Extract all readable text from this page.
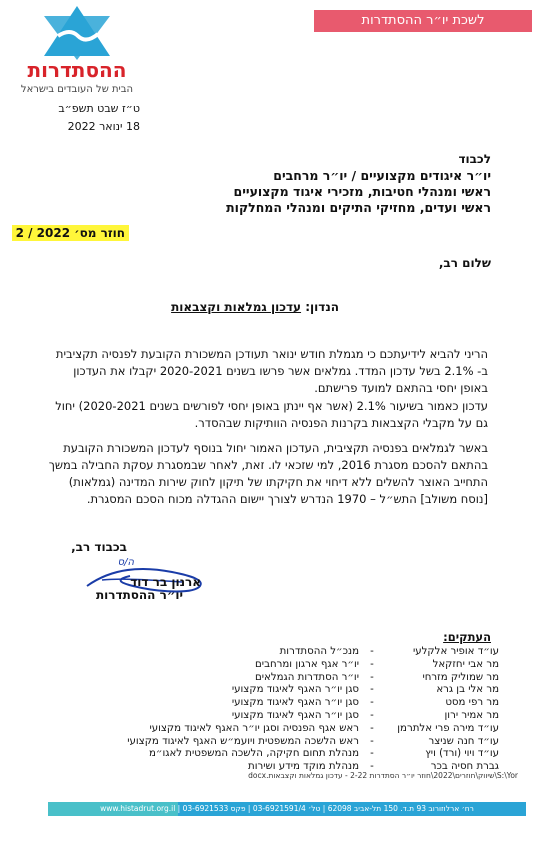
לשכת יו״ר ההסתדרות
ההסתדרות
הבית של העובדים בישראל
ט״ז שבט תשפ״ב
18 ינואר 2022
לכבוד
יו״ר איגודים מקצועיים / יו״ר מרחבים
ראשי ומנהלי חטיבות, מזכירי איגוד מקצועיים
ראשי ועדים, מחזיקי התיקים ומנהלי המחלקות
חוזר מס׳ 2022 / 2
שלום רב,
הנדון: עדכון גמלאות וקצבאות
הריני להביא לידיעתכם כי מגמלת חודש ינואר תעודכן המשכורת הקובעת לפנסיה תקציבית ב- 2.1% בשל עדכון המדד. גמלאים אשר פרשו בשנים 2020-2021 יקבלו את העדכון באופן יחסי בהתאם למועד פרישתם.
עדכון כאמור בשיעור 2.1% (אשר אף יינתן באופן יחסי לפורשים בשנים 2020-2021) יחול גם על מקבלי הקצבאות בקרנות הפנסיה הוותיקות שבהסדר.
באשר לגמלאים בפנסיה תקציבית, העדכון האמור יחול בנוסף לעדכון המשכורת הקובעת בהתאם להסכם מסגרת 2016, למי שזכאי לו. זאת, לאחר שבמסגרת עסקת החבילה במשך התחייב האוצר להשלים ללא דיחוי את חקיקתו של תיקון לחוק שירות המדינה (גמלאות)[נוסח משולב] התש״ל – 1970 הנדרש לצורך יישום ההגדלה מכוח הסכם המסגרת.
בכבוד רב,
ה/ס
ארנון בר דוד
יו״ר ההסתדרות
העתקים:
עו״ד אופיר אלקלעי
-
מנכ״ל ההסתדרות
מר אבי יחזקאל
-
יו״ר אגף ארגון ומרחבים
מר שמוליק מזרחי
-
יו״ר הסתדרות הגמלאים
מר אלי בן גרא
-
סגן יו״ר האגף לאיגוד מקצועי
מר רפי מסט
-
סגן יו״ר האגף לאיגוד מקצועי
מר אמיר ירון
-
סגן יו״ר האגף לאיגוד מקצועי
עו״ד מירה פרי אלתרמן
-
ראש אגף הפנסיה וסגן יו״ר האגף לאיגוד מקצועי
עו״ד חנה שניצר
-
ראש הלשכה המשפטית ויועמ״ש האגף לאיגוד מקצועי
עו״ד ויוי (ורד) ויץ
-
מנהלת תחום חקיקה, הלשכה המשפטית לאגו״מ
גברת חסיה בכר
-
מנהלת מוקד מידע ושירות
S:\Yor\שיווק\חוזרים\2022\חוזר יו״ר הסתדרות 2-22 - עדכון גמלאות וקצבאות.docx
רח׳ ארלוזורוב 93 ת.ד. 150 תל-אביב 62098 | טל׳ 03-6921591/4 | פקס 03-6921533 | www.histadrut.org.il
